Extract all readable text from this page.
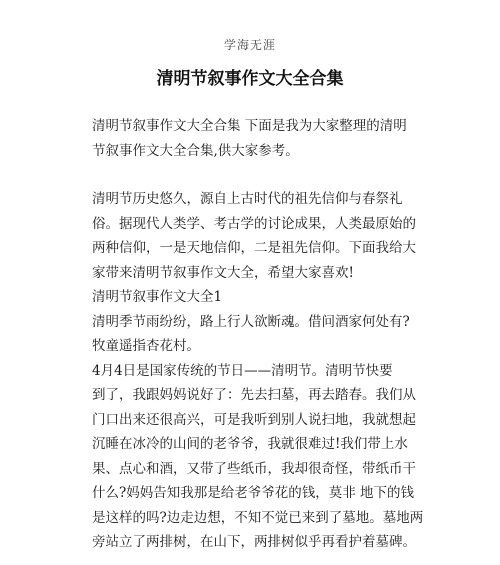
学海无涯
清明节叙事作文大全合集
清明节叙事作文大全合集 下面是我为大家整理的清明
节叙事作文大全合集,供大家参考。
清明节历史悠久，源自上古时代的祖先信仰与春祭礼
俗。据现代人类学、考古学的讨论成果，人类最原始的
两种信仰，一是天地信仰，二是祖先信仰。下面我给大
家带来清明节叙事作文大全，希望大家喜欢!
清明节叙事作文大全1
清明季节雨纷纷，路上行人欲断魂。借问酒家何处有?
牧童遥指杏花村。
4月4日是国家传统的节日——清明节。清明节快要
到了，我跟妈妈说好了：先去扫墓，再去踏春。我们从
门口出来还很高兴，可是我听到别人说扫地，我就想起
沉睡在冰冷的山间的老爷爷，我就很难过!我们带上水
果、点心和酒，又带了些纸币，我却很奇怪，带纸币干
什么?妈妈告知我那是给老爷爷花的钱，莫非 地下的钱
是这样的吗?边走边想，不知不觉已来到了墓地。墓地两
旁站立了两排树，在山下，两排树似乎再看护着墓碑。
